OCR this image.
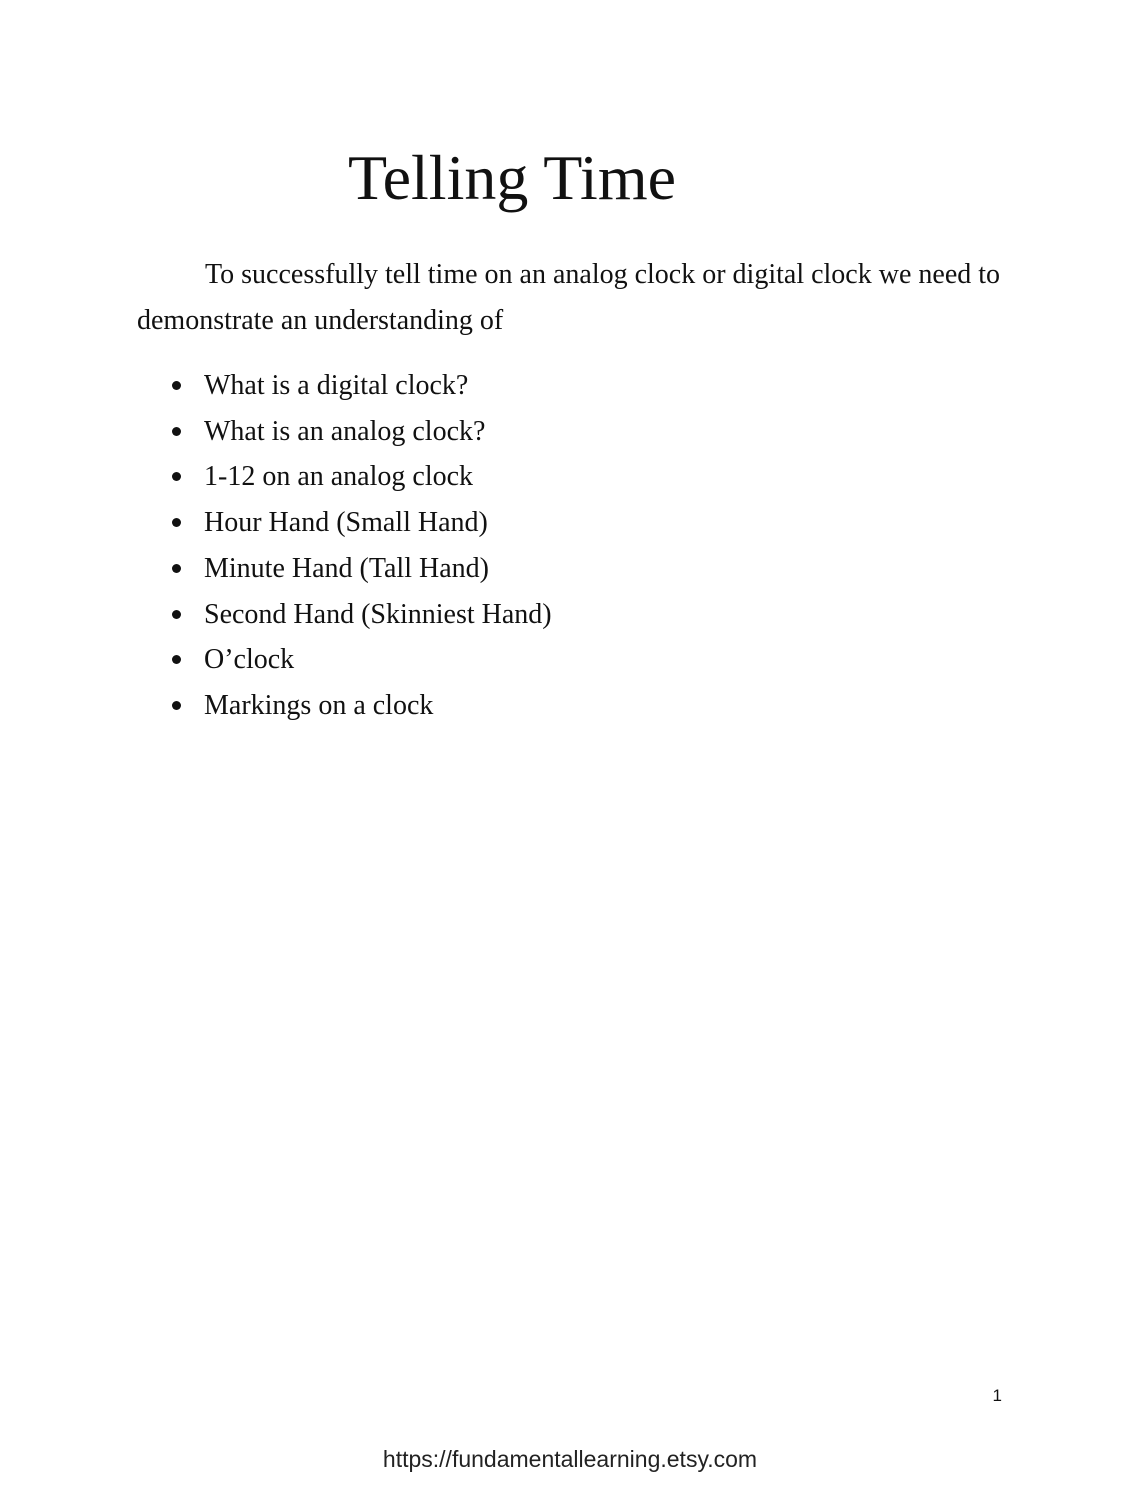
Telling Time

To successfully tell time on an analog clock or digital clock we need to demonstrate an understanding of

What is a digital clock?
What is an analog clock?
1-12 on an analog clock
Hour Hand (Small Hand)
Minute Hand (Tall Hand)
Second Hand (Skinniest Hand)
O’clock
Markings on a clock
1
https://fundamentallearning.etsy.com
